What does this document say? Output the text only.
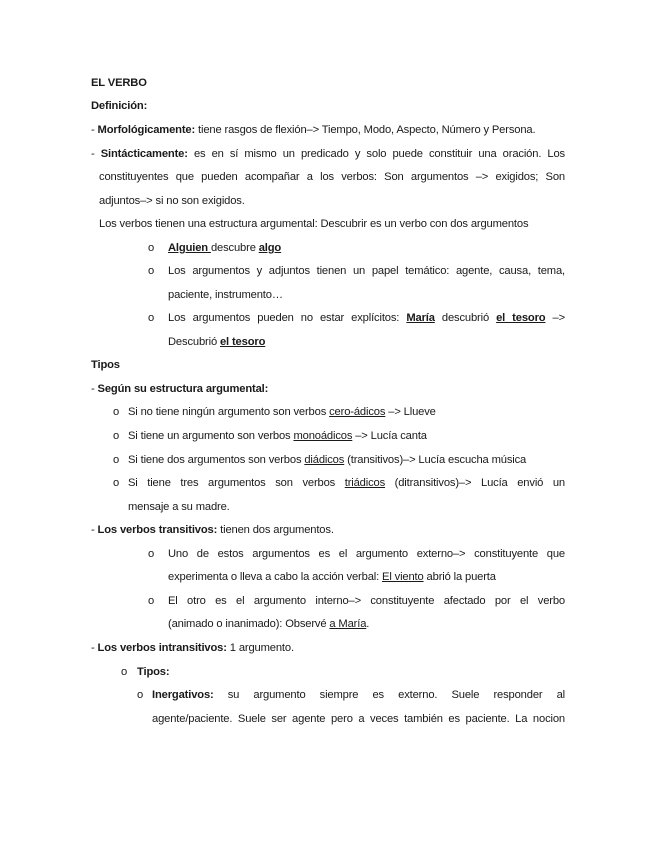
EL VERBO
Definición:
- Morfológicamente: tiene rasgos de flexión–> Tiempo, Modo, Aspecto, Número y Persona.
- Sintácticamente: es en sí mismo un predicado y solo puede constituir una oración. Los
constituyentes que pueden acompañar a los verbos: Son argumentos –> exigidos; Son
adjuntos–> si no son exigidos.
Los verbos tienen una estructura argumental: Descubrir es un verbo con dos argumentos
o Alguien descubre algo
o Los argumentos y adjuntos tienen un papel temático: agente, causa, tema,
paciente, instrumento…
o Los argumentos pueden no estar explícitos: María descubrió el tesoro –>
Descubrió el tesoro
Tipos
- Según su estructura argumental:
o Si no tiene ningún argumento son verbos cero-ádicos –> Llueve
o Si tiene un argumento son verbos monoádicos –> Lucía canta
o Si tiene dos argumentos son verbos diádicos (transitivos)–> Lucía escucha música
o Si tiene tres argumentos son verbos triádicos (ditransitivos)–> Lucía envió un
mensaje a su madre.
- Los verbos transitivos: tienen dos argumentos.
o Uno de estos argumentos es el argumento externo–> constituyente que
experimenta o lleva a cabo la acción verbal: El viento abrió la puerta
o El otro es el argumento interno–> constituyente afectado por el verbo
(animado o inanimado): Observé a María.
- Los verbos intransitivos: 1 argumento.
o Tipos:
o Inergativos: su argumento siempre es externo. Suele responder al
agente/paciente. Suele ser agente pero a veces también es paciente. La nocion
